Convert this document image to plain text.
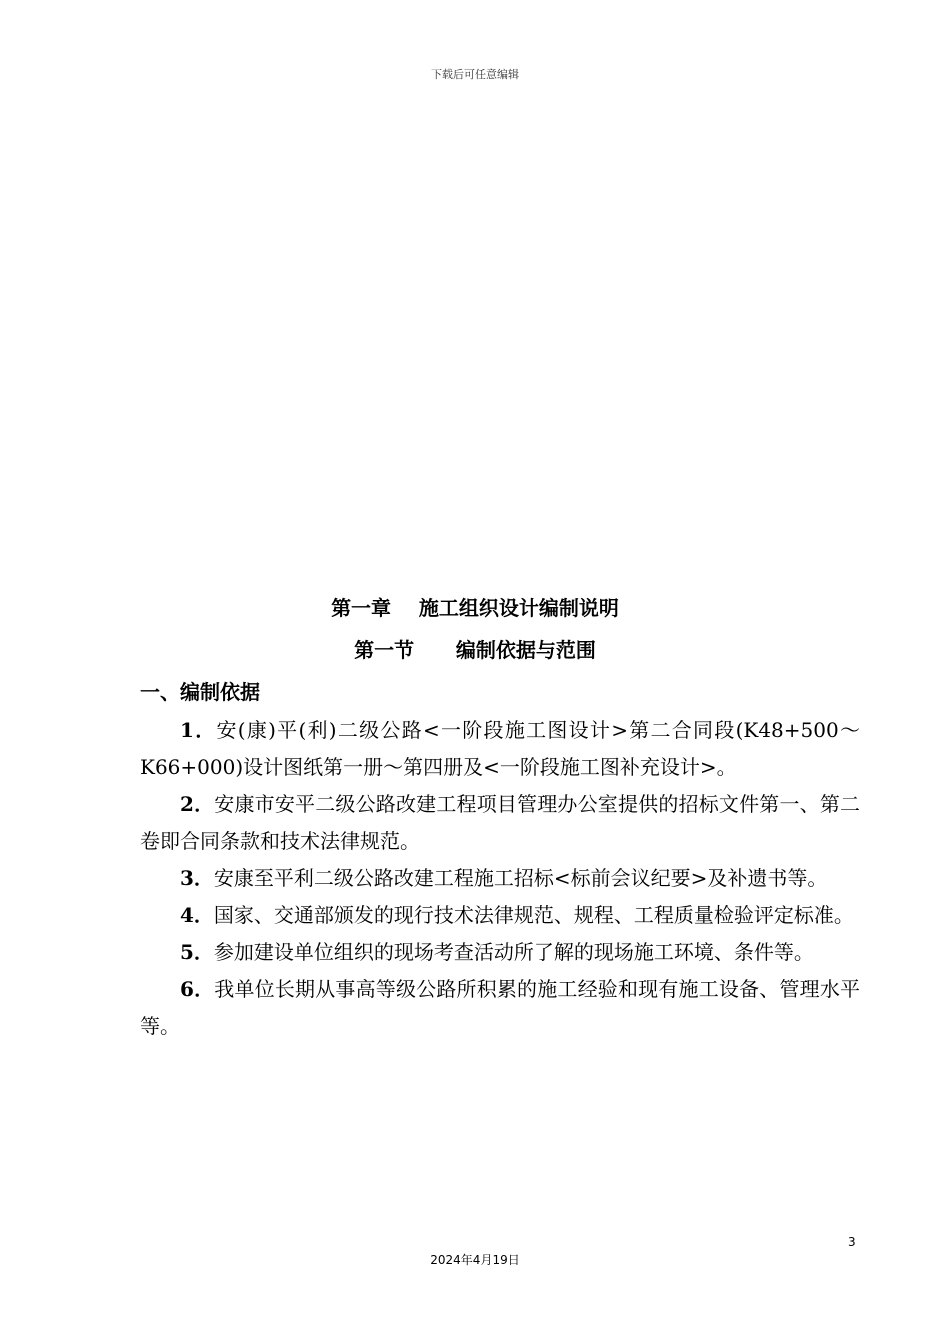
下载后可任意编辑
第一章    施工组织设计编制说明
第一节      编制依据与范围
一、编制依据

1．安(康)平(利)二级公路<一阶段施工图设计>第二合同段(K48+500～K66+000)设计图纸第一册～第四册及<一阶段施工图补充设计>。

2．安康市安平二级公路改建工程项目管理办公室提供的招标文件第一、第二卷即合同条款和技术法律规范。

3．安康至平利二级公路改建工程施工招标<标前会议纪要>及补遗书等。

4．国家、交通部颁发的现行技术法律规范、规程、工程质量检验评定标准。

5．参加建设单位组织的现场考查活动所了解的现场施工环境、条件等。

6．我单位长期从事高等级公路所积累的施工经验和现有施工设备、管理水平等。

3
2024年4月19日
